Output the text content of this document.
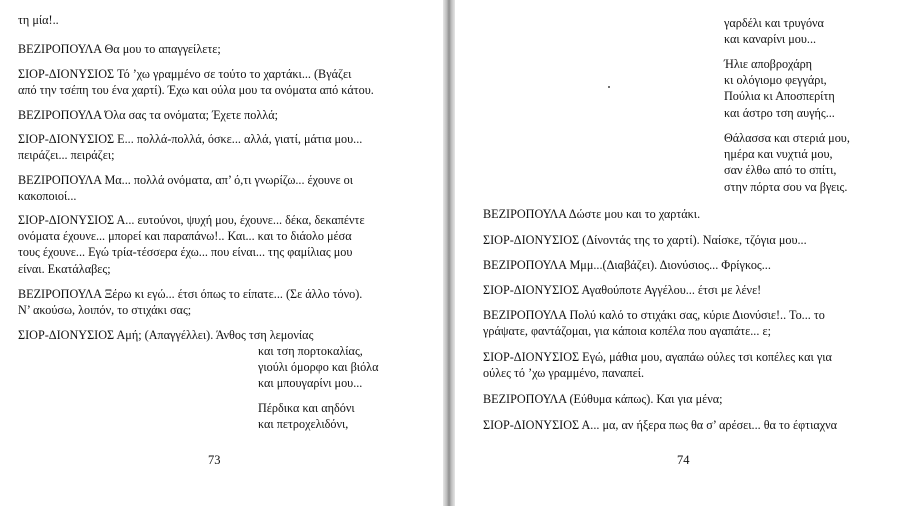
τη μία!..

ΒΕΖΙΡΟΠΟΥΛΑ Θα μου το απαγγείλετε;

ΣΙΟΡ-ΔΙΟΝΥΣΙΟΣ Τό ’χω γραμμένο σε τούτο το χαρτάκι... (Βγάζει
από την τσέπη του ένα χαρτί). Έχω και ούλα μου τα ονόματα από κάτου.

ΒΕΖΙΡΟΠΟΥΛΑ Όλα σας τα ονόματα; Έχετε πολλά;

ΣΙΟΡ-ΔΙΟΝΥΣΙΟΣ Ε... πολλά-πολλά, όσκε... αλλά, γιατί, μάτια μου...
πειράζει... πειράζει;

ΒΕΖΙΡΟΠΟΥΛΑ Μα... πολλά ονόματα, απ’ ό,τι γνωρίζω... έχουνε οι
κακοποιοί...

ΣΙΟΡ-ΔΙΟΝΥΣΙΟΣ Α... ευτούνοι, ψυχή μου, έχουνε... δέκα, δεκαπέντε
ονόματα έχουνε... μπορεί και παραπάνω!.. Και... και το διάολο μέσα
τους έχουνε... Εγώ τρία-τέσσερα έχω... που είναι... της φαμίλιας μου
είναι. Εκατάλαβες;

ΒΕΖΙΡΟΠΟΥΛΑ Ξέρω κι εγώ... έτσι όπως το είπατε... (Σε άλλο τόνο).
Ν’ ακούσω, λοιπόν, το στιχάκι σας;

ΣΙΟΡ-ΔΙΟΝΥΣΙΟΣ Αμή; (Απαγγέλλει). Άνθος τση λεμονίας

και τση πορτοκαλίας,
γιούλι όμορφο και βιόλα
και μπουγαρίνι μου...

Πέρδικα και αηδόνι
και πετροχελιδόνι,

73

γαρδέλι και τρυγόνα
και καναρίνι μου...

Ήλιε αποβροχάρη
κι ολόγιομο φεγγάρι,
Πούλια κι Αποσπερίτη
και άστρο τση αυγής...

Θάλασσα και στεριά μου,
ημέρα και νυχτιά μου,
σαν έλθω από το σπίτι,
στην πόρτα σου να βγεις.

ΒΕΖΙΡΟΠΟΥΛΑ Δώστε μου και το χαρτάκι.

ΣΙΟΡ-ΔΙΟΝΥΣΙΟΣ (Δίνοντάς της το χαρτί). Ναίσκε, τζόγια μου...

ΒΕΖΙΡΟΠΟΥΛΑ Μμμ...(Διαβάζει). Διονύσιος... Φρίγκος...

ΣΙΟΡ-ΔΙΟΝΥΣΙΟΣ Αγαθούποτε Αγγέλου... έτσι με λένε!

ΒΕΖΙΡΟΠΟΥΛΑ Πολύ καλό το στιχάκι σας, κύριε Διονύσιε!.. Το... το
γράψατε, φαντάζομαι, για κάποια κοπέλα που αγαπάτε... ε;

ΣΙΟΡ-ΔΙΟΝΥΣΙΟΣ Εγώ, μάθια μου, αγαπάω ούλες τσι κοπέλες και για
ούλες τό ’χω γραμμένο, παναπεί.

ΒΕΖΙΡΟΠΟΥΛΑ (Εύθυμα κάπως). Και για μένα;

ΣΙΟΡ-ΔΙΟΝΥΣΙΟΣ Α... μα, αν ήξερα πως θα σ’ αρέσει... θα το έφτιαχνα

74
